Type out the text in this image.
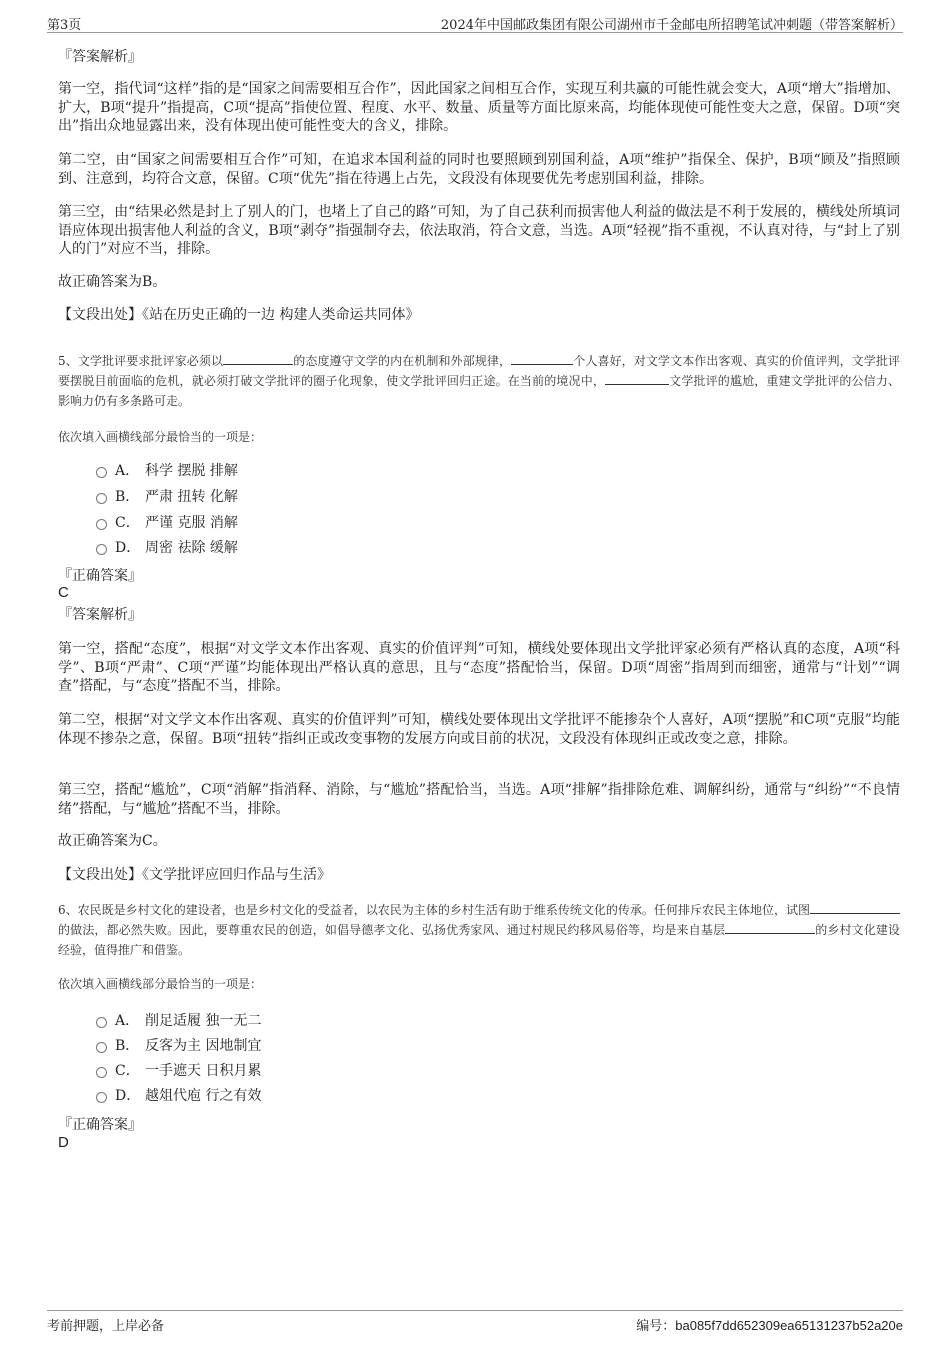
第3页	2024年中国邮政集团有限公司湖州市千金邮电所招聘笔试冲刺题（带答案解析）
『答案解析』

第一空，指代词“这样”指的是“国家之间需要相互合作”，因此国家之间相互合作，实现互利共赢的可能性就会变大，A项“增大”指增加、扩大，B项“提升”指提高，C项“提高”指使位置、程度、水平、数量、质量等方面比原来高，均能体现使可能性变大之意，保留。D项“突出”指出众地显露出来，没有体现出使可能性变大的含义，排除。

第二空，由“国家之间需要相互合作”可知，在追求本国利益的同时也要照顾到别国利益，A项“维护”指保全、保护，B项“顾及”指照顾到、注意到，均符合文意，保留。C项“优先”指在待遇上占先，文段没有体现要优先考虑别国利益，排除。

第三空，由“结果必然是封上了别人的门，也堵上了自己的路”可知，为了自己获利而损害他人利益的做法是不利于发展的，横线处所填词语应体现出损害他人利益的含义，B项“剥夺”指强制夺去，依法取消，符合文意，当选。A项“轻视”指不重视，不认真对待，与“封上了别人的门”对应不当，排除。

故正确答案为B。
【文段出处】《站在历史正确的一边 构建人类命运共同体》

5、文学批评要求批评家必须以	的态度遵守文学的内在机制和外部规律，	个人喜好，对文学文本作出客观、真实的价值评判，文学批评要摆脱目前面临的危机，就必须打破文学批评的圈子化现象，使文学批评回归正途。在当前的境况中，	文学批评的尴尬，重建文学批评的公信力、影响力仍有多条路可走。

依次填入画横线部分最恰当的一项是：
A． 科学 摆脱 排解
B． 严肃 扭转 化解
C． 严谨 克服 消解
D． 周密 祛除 缓解
『正确答案』
C
『答案解析』

第一空，搭配“态度”，根据“对文学文本作出客观、真实的价值评判”可知，横线处要体现出文学批评家必须有严格认真的态度，A项“科学”、B项“严肃”、C项“严谨”均能体现出严格认真的意思，且与“态度”搭配恰当，保留。D项“周密”指周到而细密，通常与“计划”“调查”搭配，与“态度”搭配不当，排除。

第二空，根据“对文学文本作出客观、真实的价值评判”可知，横线处要体现出文学批评不能掺杂个人喜好，A项“摆脱”和C项“克服”均能体现不掺杂之意，保留。B项“扭转”指纠正或改变事物的发展方向或目前的状况，文段没有体现纠正或改变之意，排除。

第三空，搭配“尴尬”，C项“消解”指消释、消除，与“尴尬”搭配恰当，当选。A项“排解”指排除危难、调解纠纷，通常与“纠纷”“不良情绪”搭配，与“尴尬”搭配不当，排除。

故正确答案为C。
【文段出处】《文学批评应回归作品与生活》

6、农民既是乡村文化的建设者，也是乡村文化的受益者，以农民为主体的乡村生活有助于维系传统文化的传承。任何排斥农民主体地位，试图的做法，都必然失败。因此，要尊重农民的创造，如倡导德孝文化、弘扬优秀家风、通过村规民约移风易俗等，均是来自基层	的乡村文化建设经验，值得推广和借鉴。

依次填入画横线部分最恰当的一项是：
A． 削足适履 独一无二
B． 反客为主 因地制宜
C． 一手遮天 日积月累
D． 越俎代庖 行之有效
『正确答案』
D
考前押题，上岸必备	编号：ba085f7dd652309ea65131237b52a20e
